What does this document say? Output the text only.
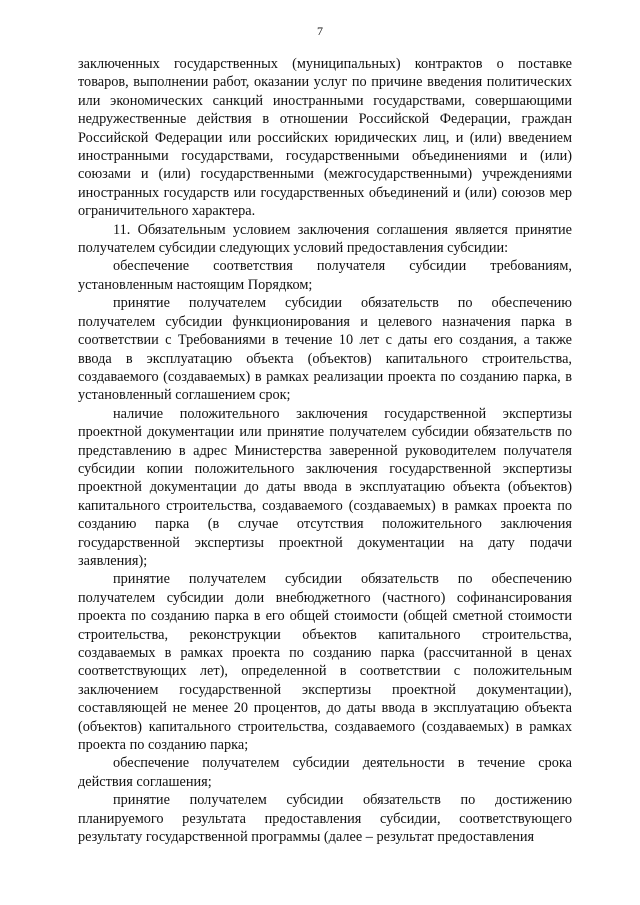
7

заключенных государственных (муниципальных) контрактов о поставке товаров, выполнении работ, оказании услуг по причине введения политических или экономических санкций иностранными государствами, совершающими недружественные действия в отношении Российской Федерации, граждан Российской Федерации или российских юридических лиц, и (или) введением иностранными государствами, государственными объединениями и (или) союзами и (или) государственными (межгосударственными) учреждениями иностранных государств или государственных объединений и (или) союзов мер ограничительного характера.

11. Обязательным условием заключения соглашения является принятие получателем субсидии следующих условий предоставления субсидии:

обеспечение соответствия получателя субсидии требованиям, установленным настоящим Порядком;

принятие получателем субсидии обязательств по обеспечению получателем субсидии функционирования и целевого назначения парка в соответствии с Требованиями в течение 10 лет с даты его создания, а также ввода в эксплуатацию объекта (объектов) капитального строительства, создаваемого (создаваемых) в рамках реализации проекта по созданию парка, в установленный соглашением срок;

наличие положительного заключения государственной экспертизы проектной документации или принятие получателем субсидии обязательств по представлению в адрес Министерства заверенной руководителем получателя субсидии копии положительного заключения государственной экспертизы проектной документации до даты ввода в эксплуатацию объекта (объектов) капитального строительства, создаваемого (создаваемых) в рамках проекта по созданию парка (в случае отсутствия положительного заключения государственной экспертизы проектной документации на дату подачи заявления);

принятие получателем субсидии обязательств по обеспечению получателем субсидии доли внебюджетного (частного) софинансирования проекта по созданию парка в его общей стоимости (общей сметной стоимости строительства, реконструкции объектов капитального строительства, создаваемых в рамках проекта по созданию парка (рассчитанной в ценах соответствующих лет), определенной в соответствии с положительным заключением государственной экспертизы проектной документации), составляющей не менее 20 процентов, до даты ввода в эксплуатацию объекта (объектов) капитального строительства, создаваемого (создаваемых) в рамках проекта по созданию парка;

обеспечение получателем субсидии деятельности в течение срока действия соглашения;

принятие получателем субсидии обязательств по достижению планируемого результата предоставления субсидии, соответствующего результату государственной программы (далее – результат предоставления
